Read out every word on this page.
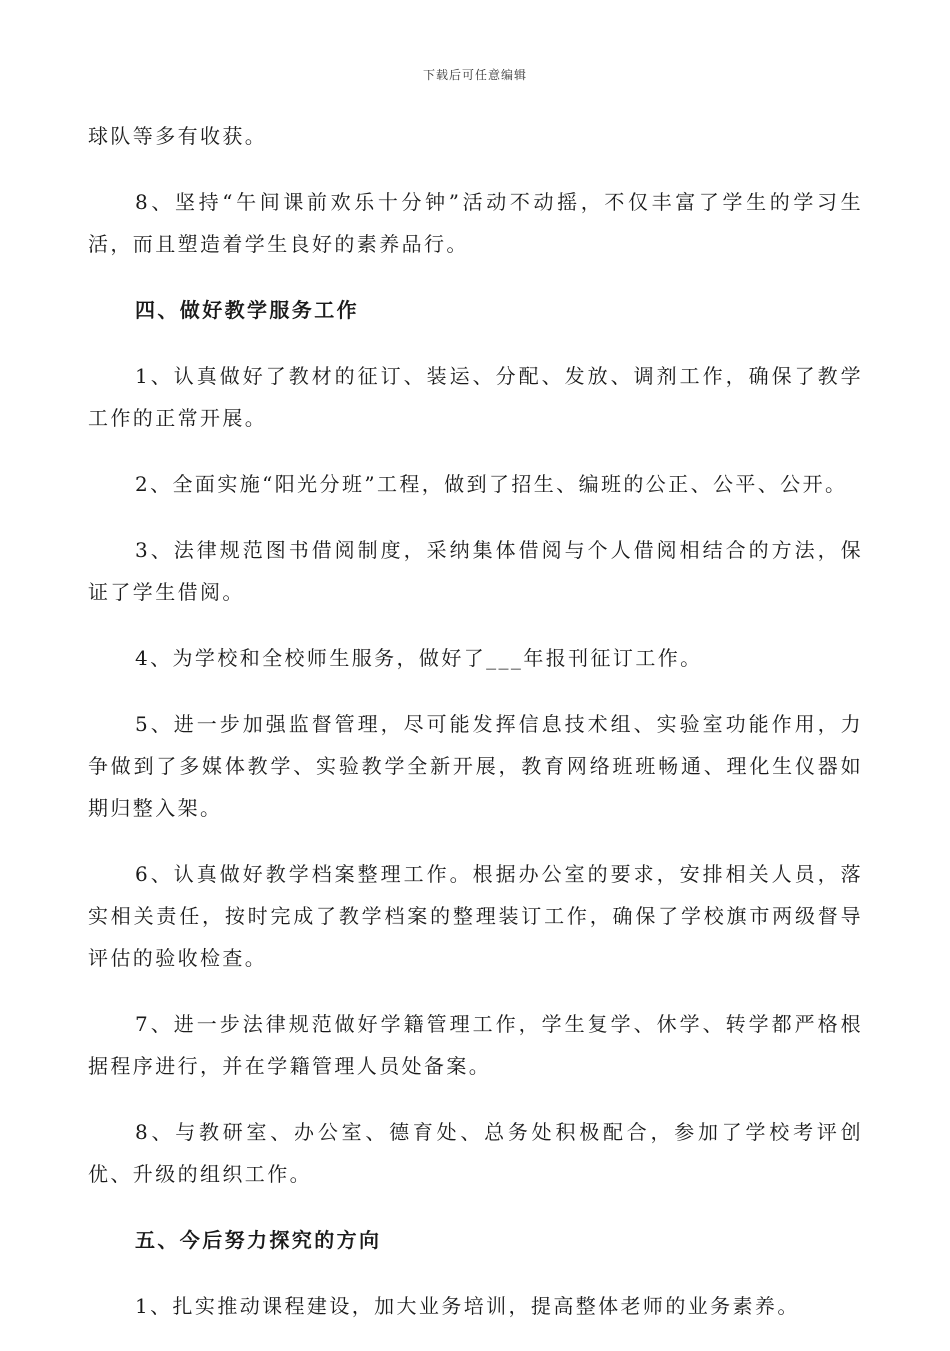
下载后可任意编辑

球队等多有收获。

8、坚持“午间课前欢乐十分钟”活动不动摇，不仅丰富了学生的学习生活，而且塑造着学生良好的素养品行。

四、做好教学服务工作

1、认真做好了教材的征订、装运、分配、发放、调剂工作，确保了教学工作的正常开展。

2、全面实施“阳光分班”工程，做到了招生、编班的公正、公平、公开。

3、法律规范图书借阅制度，采纳集体借阅与个人借阅相结合的方法，保证了学生借阅。

4、为学校和全校师生服务，做好了___年报刊征订工作。

5、进一步加强监督管理，尽可能发挥信息技术组、实验室功能作用，力争做到了多媒体教学、实验教学全新开展，教育网络班班畅通、理化生仪器如期归整入架。

6、认真做好教学档案整理工作。根据办公室的要求，安排相关人员，落实相关责任，按时完成了教学档案的整理装订工作，确保了学校旗市两级督导评估的验收检查。

7、进一步法律规范做好学籍管理工作，学生复学、休学、转学都严格根据程序进行，并在学籍管理人员处备案。

8、与教研室、办公室、德育处、总务处积极配合，参加了学校考评创优、升级的组织工作。

五、今后努力探究的方向

1、扎实推动课程建设，加大业务培训，提高整体老师的业务素养。
